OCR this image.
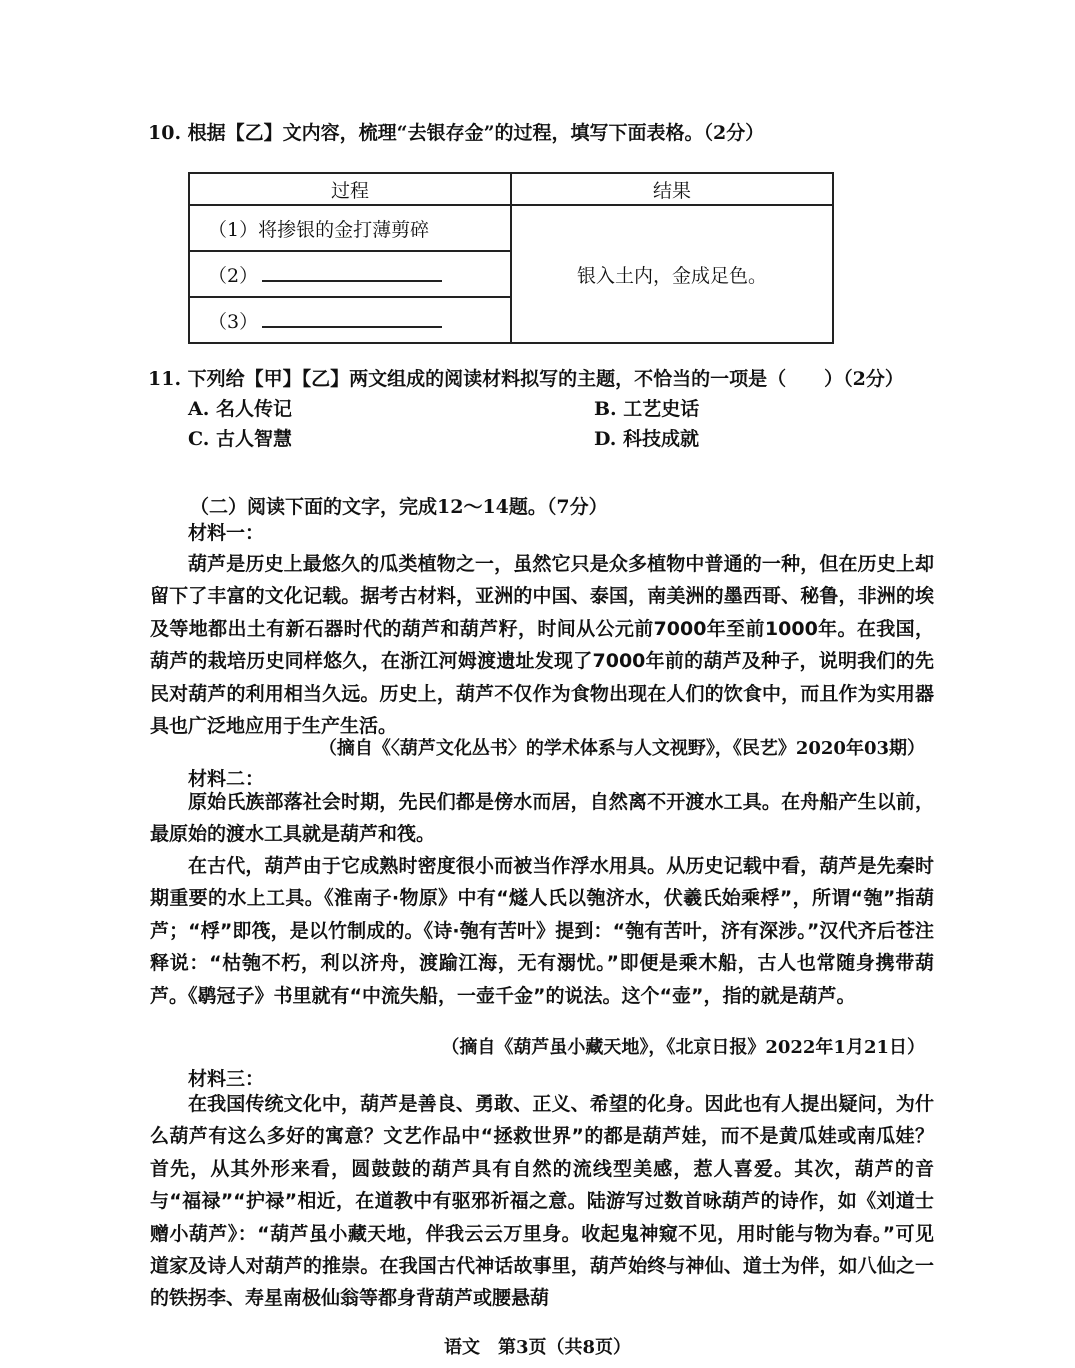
10. 根据【乙】文内容，梳理“去银存金”的过程，填写下面表格。（2分）
过程	结果
（1）将掺银的金打薄剪碎	银入土内，金成足色。
（2）	
（3）	
11. 下列给【甲】【乙】两文组成的阅读材料拟写的主题，不恰当的一项是（　　）（2分）
A. 名人传记	B. 工艺史话
C. 古人智慧	D. 科技成就
（二）阅读下面的文字，完成12～14题。（7分）
材料一：

葫芦是历史上最悠久的瓜类植物之一，虽然它只是众多植物中普通的一种，但在历史上却留下了丰富的文化记载。据考古材料，亚洲的中国、泰国，南美洲的墨西哥、秘鲁，非洲的埃及等地都出土有新石器时代的葫芦和葫芦籽，时间从公元前7000年至前1000年。在我国，葫芦的栽培历史同样悠久，在浙江河姆渡遗址发现了7000年前的葫芦及种子，说明我们的先民对葫芦的利用相当久远。历史上，葫芦不仅作为食物出现在人们的饮食中，而且作为实用器具也广泛地应用于生产生活。

（摘自《〈葫芦文化丛书〉的学术体系与人文视野》，《民艺》2020年03期）
材料二：

原始氏族部落社会时期，先民们都是傍水而居，自然离不开渡水工具。在舟船产生以前，最原始的渡水工具就是葫芦和筏。

在古代，葫芦由于它成熟时密度很小而被当作浮水用具。从历史记载中看，葫芦是先秦时期重要的水上工具。《淮南子·物原》中有“燧人氏以匏济水，伏羲氏始乘桴”，所谓“匏”指葫芦；“桴”即筏，是以竹制成的。《诗·匏有苦叶》提到：“匏有苦叶，济有深涉。”汉代齐后苍注释说：“枯匏不朽，利以济舟，渡踰江海，无有溺忧。”即便是乘木船，古人也常随身携带葫芦。《鹖冠子》书里就有“中流失船，一壶千金”的说法。这个“壶”，指的就是葫芦。

（摘自《葫芦虽小藏天地》，《北京日报》2022年1月21日）
材料三：

在我国传统文化中，葫芦是善良、勇敢、正义、希望的化身。因此也有人提出疑问，为什么葫芦有这么多好的寓意？文艺作品中“拯救世界”的都是葫芦娃，而不是黄瓜娃或南瓜娃？首先，从其外形来看，圆鼓鼓的葫芦具有自然的流线型美感，惹人喜爱。其次，葫芦的音与“福禄”“护禄”相近，在道教中有驱邪祈福之意。陆游写过数首咏葫芦的诗作，如《刘道士赠小葫芦》：“葫芦虽小藏天地，伴我云云万里身。收起鬼神窥不见，用时能与物为春。”可见道家及诗人对葫芦的推崇。在我国古代神话故事里，葫芦始终与神仙、道士为伴，如八仙之一的铁拐李、寿星南极仙翁等都身背葫芦或腰悬葫

语文　第3页（共8页）
